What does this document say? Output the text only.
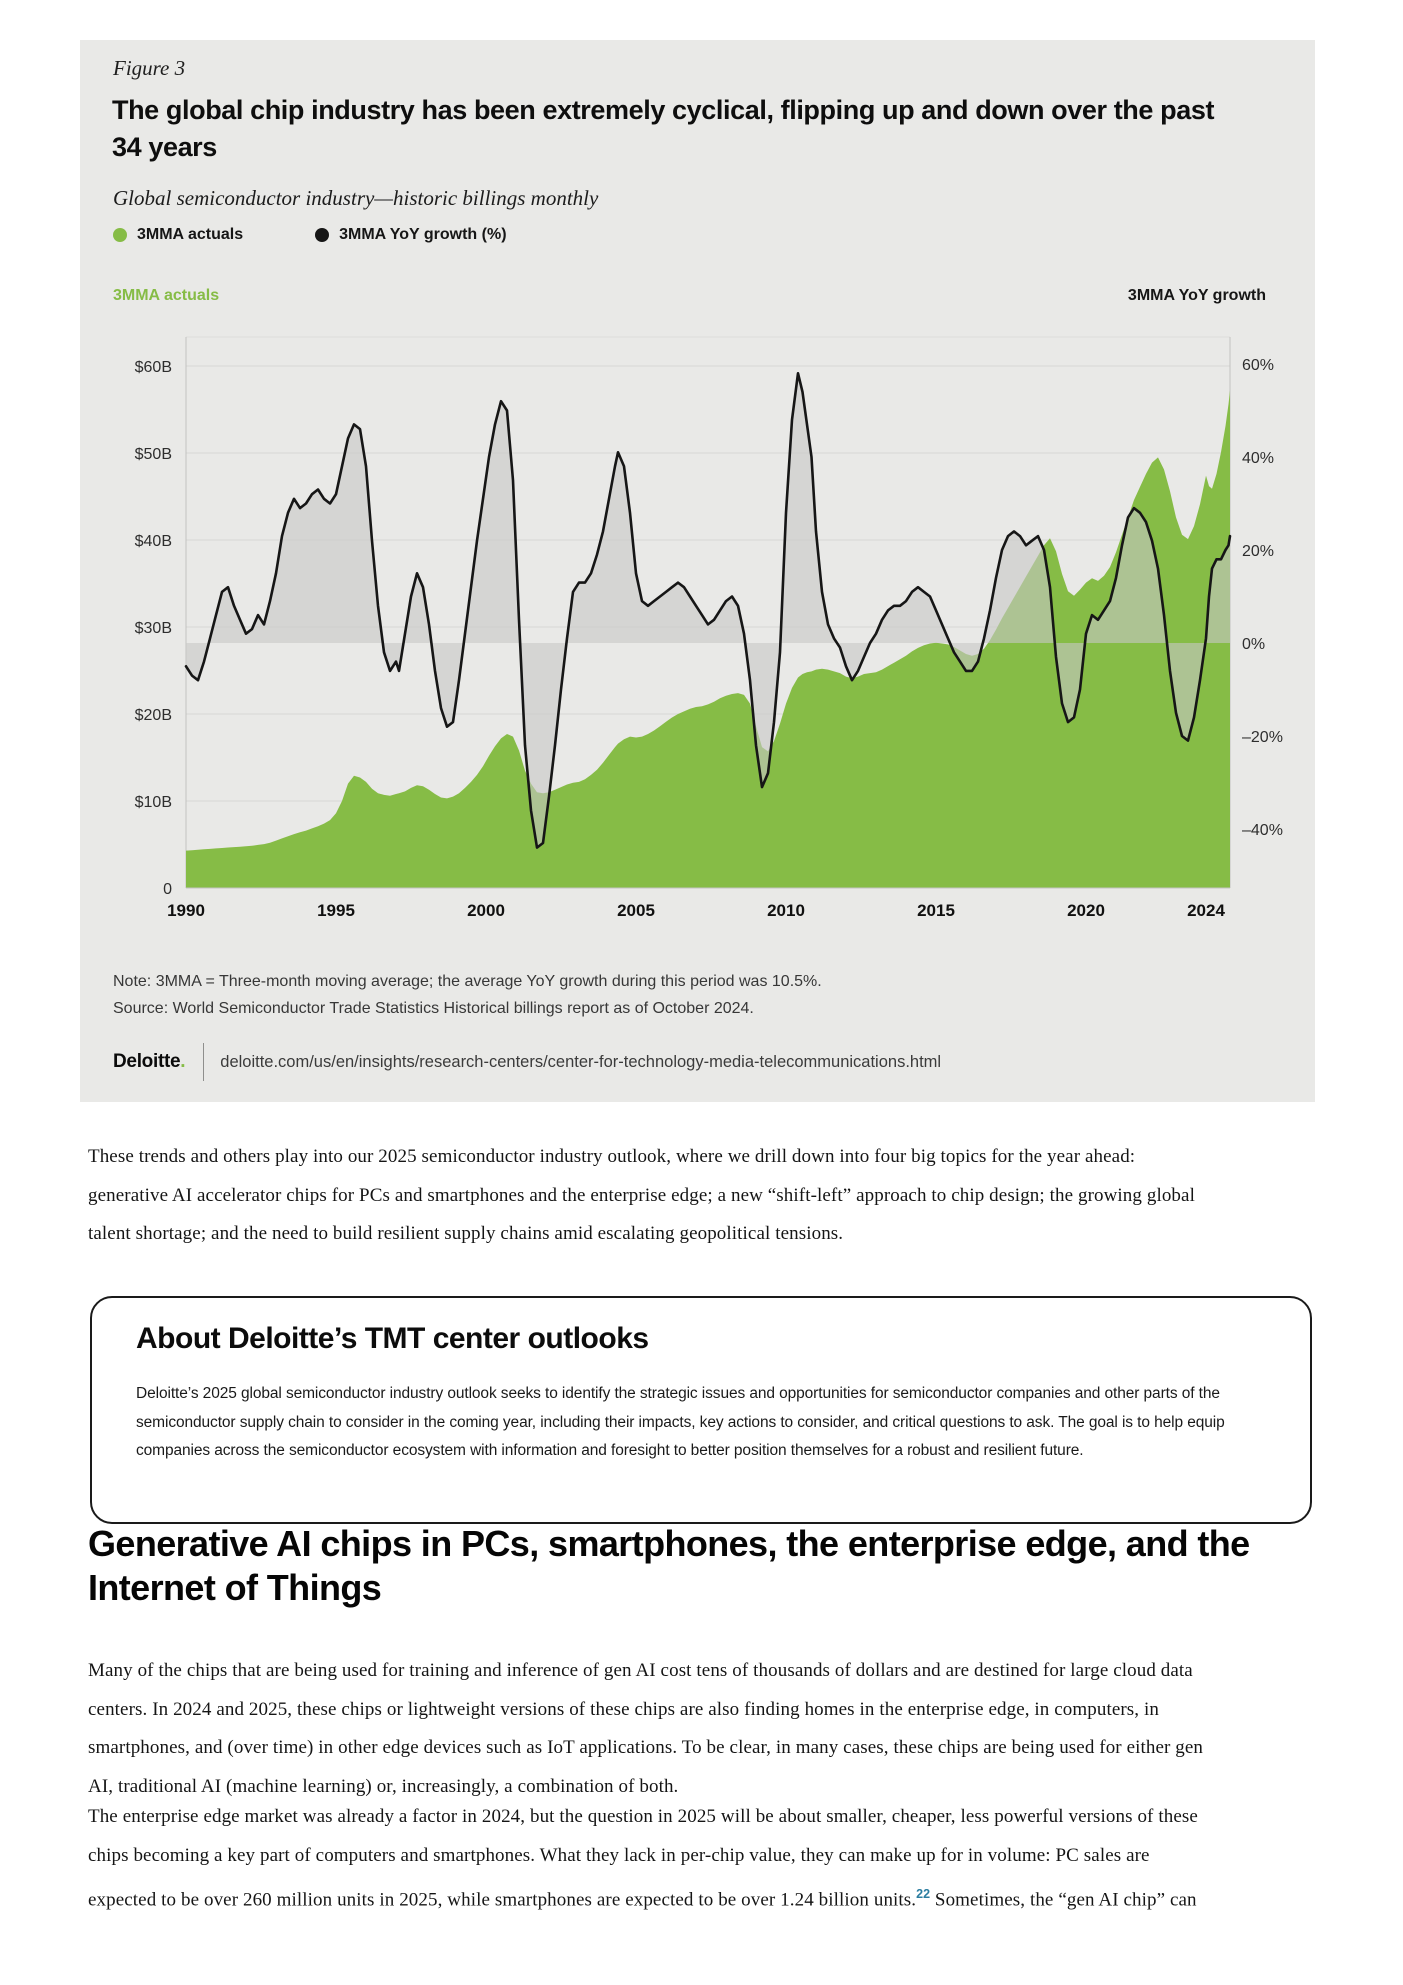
Figure 3
The global chip industry has been extremely cyclical, flipping up and down over the past
34 years
Global semiconductor industry—historic billings monthly
3MMA actuals	3MMA YoY growth (%)
3MMA actuals	3MMA YoY growth
$60B
$50B
$40B
$30B
$20B
$10B
0
60%
40%
20%
0%
–20%
–40%
1990	1995	2000	2005	2010	2015	2020	2024
Note: 3MMA = Three-month moving average; the average YoY growth during this period was 10.5%.
Source: World Semiconductor Trade Statistics Historical billings report as of October 2024.
Deloitte. deloitte.com/us/en/insights/research-centers/center-for-technology-media-telecommunications.html
These trends and others play into our 2025 semiconductor industry outlook, where we drill down into four big topics for the year ahead:
generative AI accelerator chips for PCs and smartphones and the enterprise edge; a new “shift-left” approach to chip design; the growing global
talent shortage; and the need to build resilient supply chains amid escalating geopolitical tensions.
About Deloitte’s TMT center outlooks
Deloitte’s 2025 global semiconductor industry outlook seeks to identify the strategic issues and opportunities for semiconductor companies and other parts of the
semiconductor supply chain to consider in the coming year, including their impacts, key actions to consider, and critical questions to ask. The goal is to help equip
companies across the semiconductor ecosystem with information and foresight to better position themselves for a robust and resilient future.
Generative AI chips in PCs, smartphones, the enterprise edge, and the
Internet of Things
Many of the chips that are being used for training and inference of gen AI cost tens of thousands of dollars and are destined for large cloud data
centers. In 2024 and 2025, these chips or lightweight versions of these chips are also finding homes in the enterprise edge, in computers, in
smartphones, and (over time) in other edge devices such as IoT applications. To be clear, in many cases, these chips are being used for either gen
AI, traditional AI (machine learning) or, increasingly, a combination of both.
The enterprise edge market was already a factor in 2024, but the question in 2025 will be about smaller, cheaper, less powerful versions of these
chips becoming a key part of computers and smartphones. What they lack in per-chip value, they can make up for in volume: PC sales are
expected to be over 260 million units in 2025, while smartphones are expected to be over 1.24 billion units.$^{22}$ Sometimes, the “gen AI chip” can
